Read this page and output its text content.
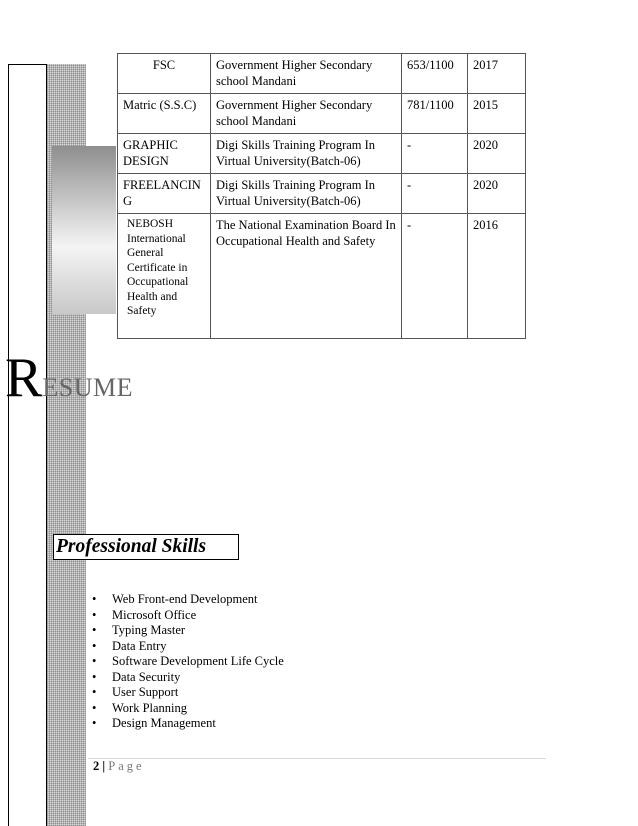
FSC	Government Higher Secondary school Mandani	653/1100	2017
Matric (S.S.C)	Government Higher Secondary school Mandani	781/1100	2015
GRAPHIC DESIGN	Digi Skills Training Program In Virtual University(Batch-06)	-	2020
FREELANCIN G	Digi Skills Training Program In Virtual University(Batch-06)	-	2020
NEBOSH International General Certificate in Occupational Health and Safety	The National Examination Board In Occupational Health and Safety	-	2016
RESUME
Professional Skills
• Web Front-end Development
• Microsoft Office
• Typing Master
• Data Entry
• Software Development Life Cycle
• Data Security
• User Support
• Work Planning
• Design Management
2 | Page
